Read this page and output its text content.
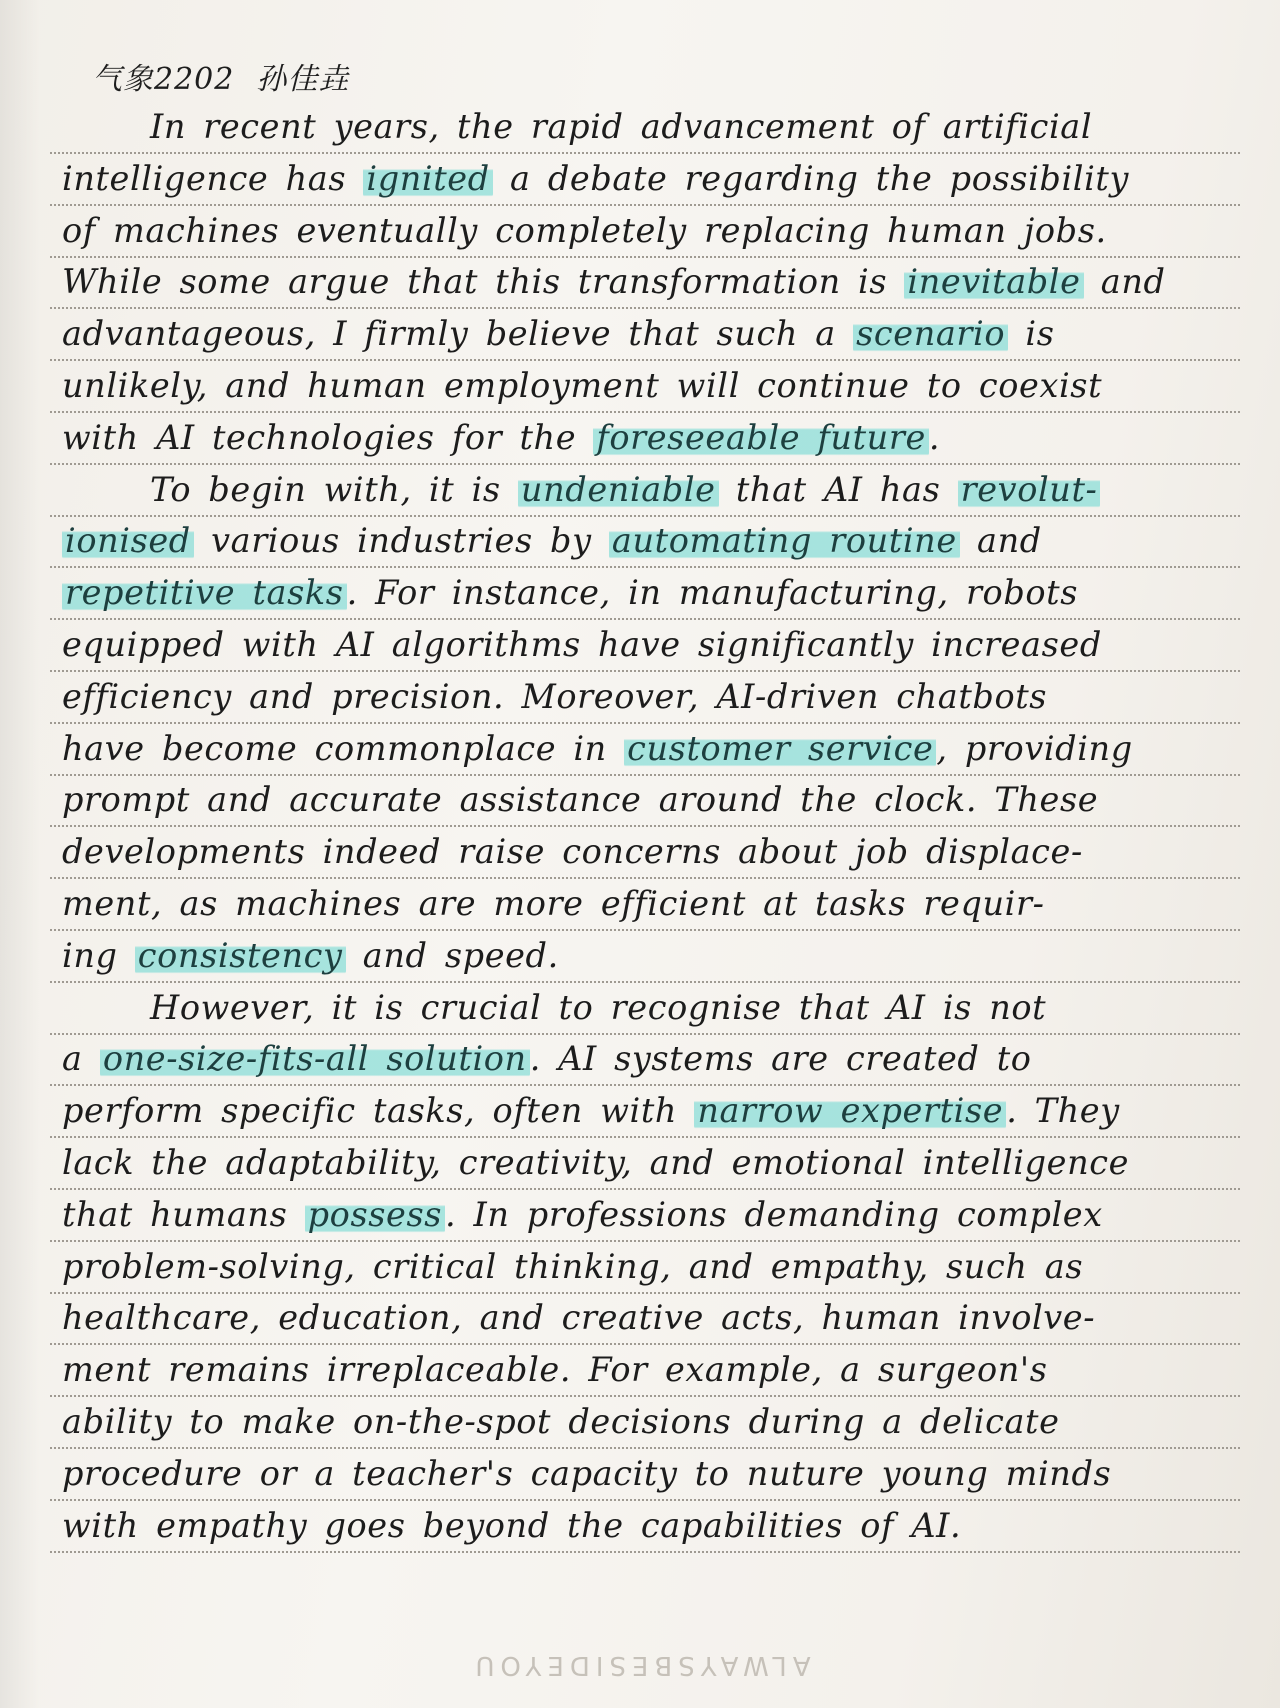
气象2202 孙佳垚
In recent years, the rapid advancement of artificial
intelligence has ignited a debate regarding the possibility
of machines eventually completely replacing human jobs.
While some argue that this transformation is inevitable and
advantageous, I firmly believe that such a scenario is
unlikely, and human employment will continue to coexist
with AI technologies for the foreseeable future.
To begin with, it is undeniable that AI has revolut-
ionised various industries by automating routine and
repetitive tasks. For instance, in manufacturing, robots
equipped with AI algorithms have significantly increased
efficiency and precision. Moreover, AI-driven chatbots
have become commonplace in customer service, providing
prompt and accurate assistance around the clock. These
developments indeed raise concerns about job displace-
ment, as machines are more efficient at tasks requir-
ing consistency and speed.
However, it is crucial to recognise that AI is not
a one-size-fits-all solution. AI systems are created to
perform specific tasks, often with narrow expertise. They
lack the adaptability, creativity, and emotional intelligence
that humans possess. In professions demanding complex
problem-solving, critical thinking, and empathy, such as
healthcare, education, and creative acts, human involve-
ment remains irreplaceable. For example, a surgeon's
ability to make on-the-spot decisions during a delicate
procedure or a teacher's capacity to nuture young minds
with empathy goes beyond the capabilities of AI.
ALWAYSBESIDEYOU
